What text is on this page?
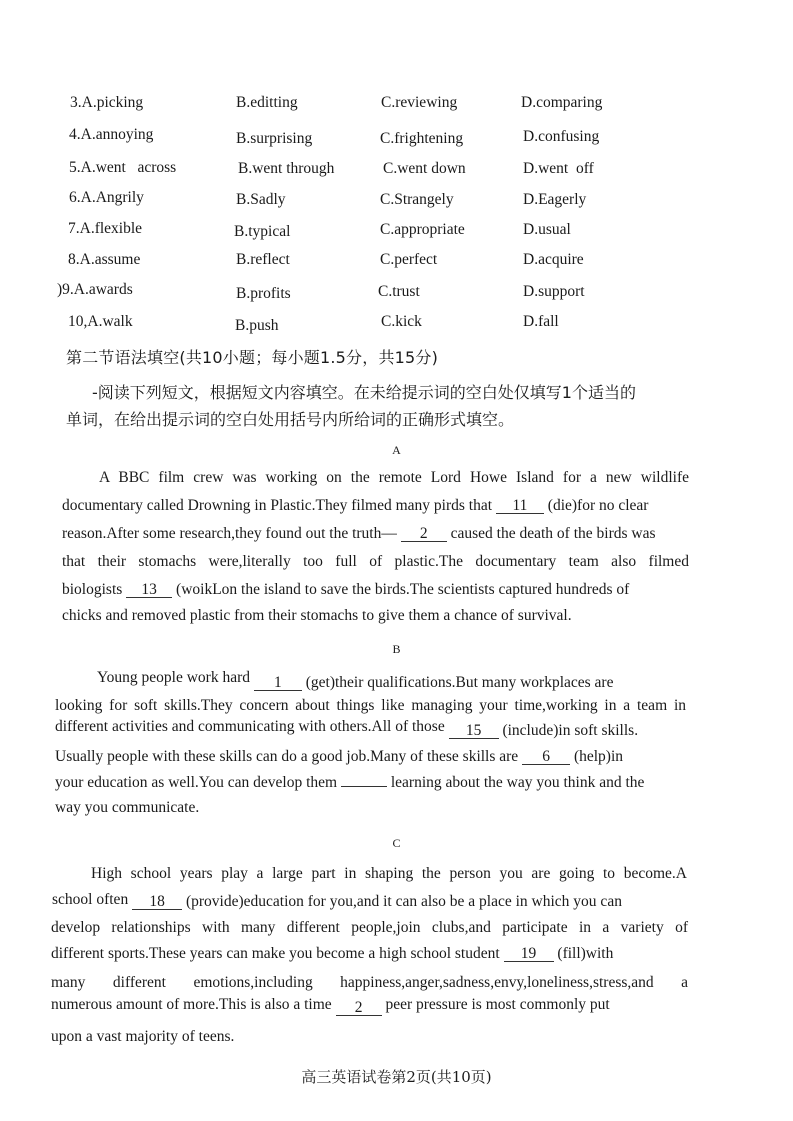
3.A.picking	B.editting	C.reviewing	D.comparing
4.A.annoying	B.surprising	C.frightening	D.confusing
5.A.went   across	B.went through	C.went down	D.went  off
6.A.Angrily	B.Sadly	C.Strangely	D.Eagerly
7.A.flexible	B.typical	C.appropriate	D.usual
8.A.assume	B.reflect	C.perfect	D.acquire
)9.A.awards	B.profits	C.trust	D.support
10,A.walk	B.push	C.kick	D.fall
第二节语法填空(共10小题；每小题1.5分，共15分)
-阅读下列短文，根据短文内容填空。在未给提示词的空白处仅填写1个适当的
单词，在给出提示词的空白处用括号内所给词的正确形式填空。
A
A BBC film crew was working on the remote Lord Howe Island for a new wildlife
documentary called Drowning in Plastic.They filmed many pirds that 11 (die)for no clear
reason.After some research,they found out the truth— 2 caused the death of the birds was
that their stomachs were,literally too full of plastic.The documentary team also filmed
biologists 13 (woikLon the island to save the birds.The scientists captured hundreds of
chicks and removed plastic from their stomachs to give them a chance of survival.
B
Young people work hard 1 (get)their qualifications.But many workplaces are
looking for soft skills.They concern about things like managing your time,working in a team in
different activities and communicating with others.All of those 15 (include)in soft skills.
Usually people with these skills can do a good job.Many of these skills are 6 (help)in
your education as well.You can develop them	learning about the way you think and the
way you communicate.
C
High school years play a large part in shaping the person you are going to become.A
school often 18 (provide)education for you,and it can also be a place in which you can
develop relationships with many different people,join clubs,and participate in a variety of
different sports.These years can make you become a high school student 19 (fill)with
many different emotions,including happiness,anger,sadness,envy,loneliness,stress,and a
numerous amount of more.This is also a time 2 peer pressure is most commonly put
upon a vast majority of teens.
高三英语试卷第2页(共10页)
